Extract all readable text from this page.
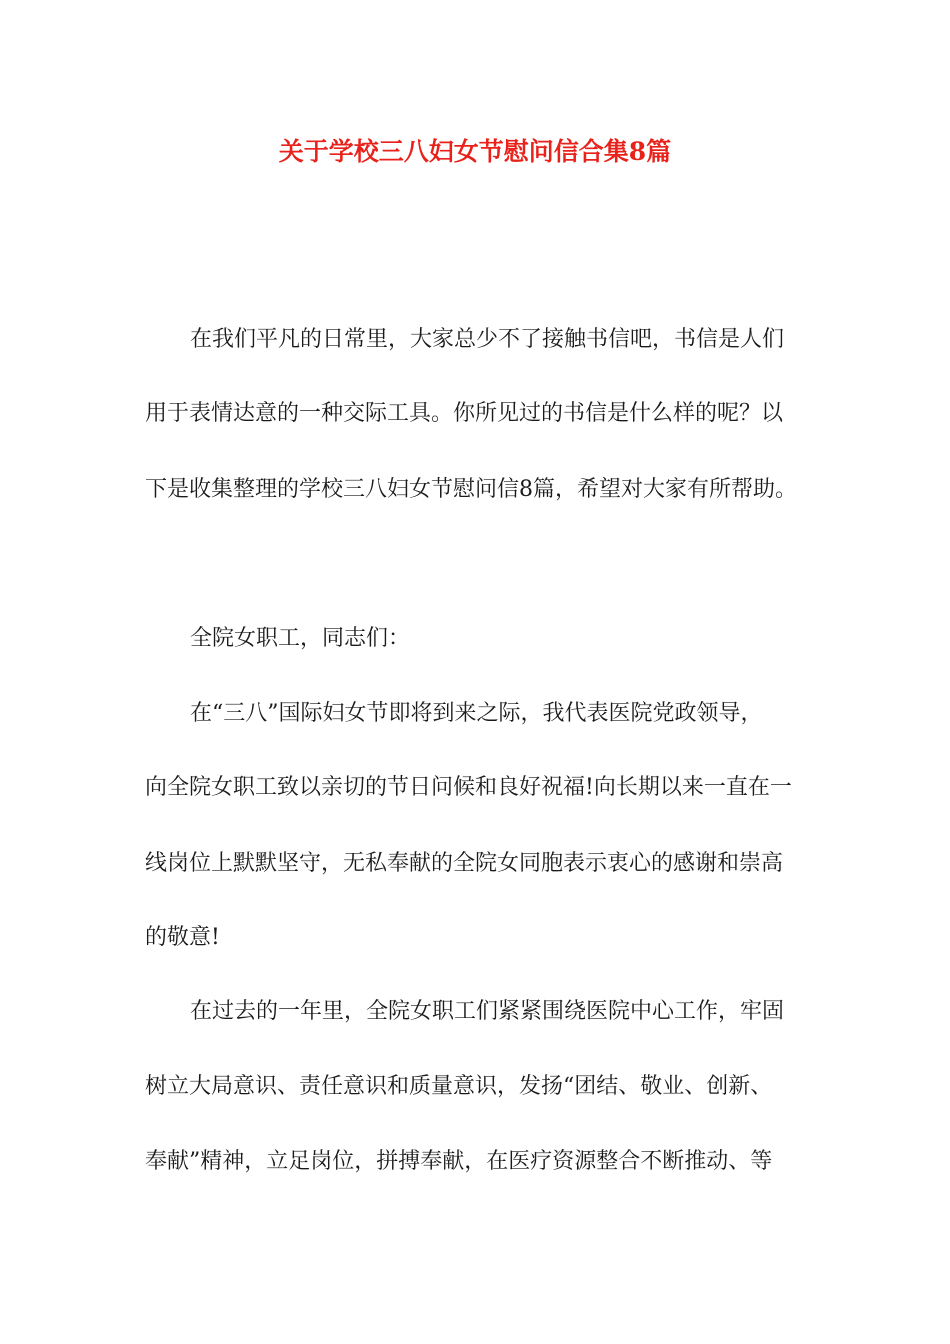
关于学校三八妇女节慰问信合集8篇
在我们平凡的日常里，大家总少不了接触书信吧，书信是人们
用于表情达意的一种交际工具。你所见过的书信是什么样的呢？以
下是收集整理的学校三八妇女节慰问信8篇，希望对大家有所帮助。
全院女职工，同志们：
在“三八”国际妇女节即将到来之际，我代表医院党政领导，
向全院女职工致以亲切的节日问候和良好祝福!向长期以来一直在一
线岗位上默默坚守，无私奉献的全院女同胞表示衷心的感谢和崇高
的敬意!
在过去的一年里，全院女职工们紧紧围绕医院中心工作，牢固
树立大局意识、责任意识和质量意识，发扬“团结、敬业、创新、
奉献”精神，立足岗位，拼搏奉献，在医疗资源整合不断推动、等
